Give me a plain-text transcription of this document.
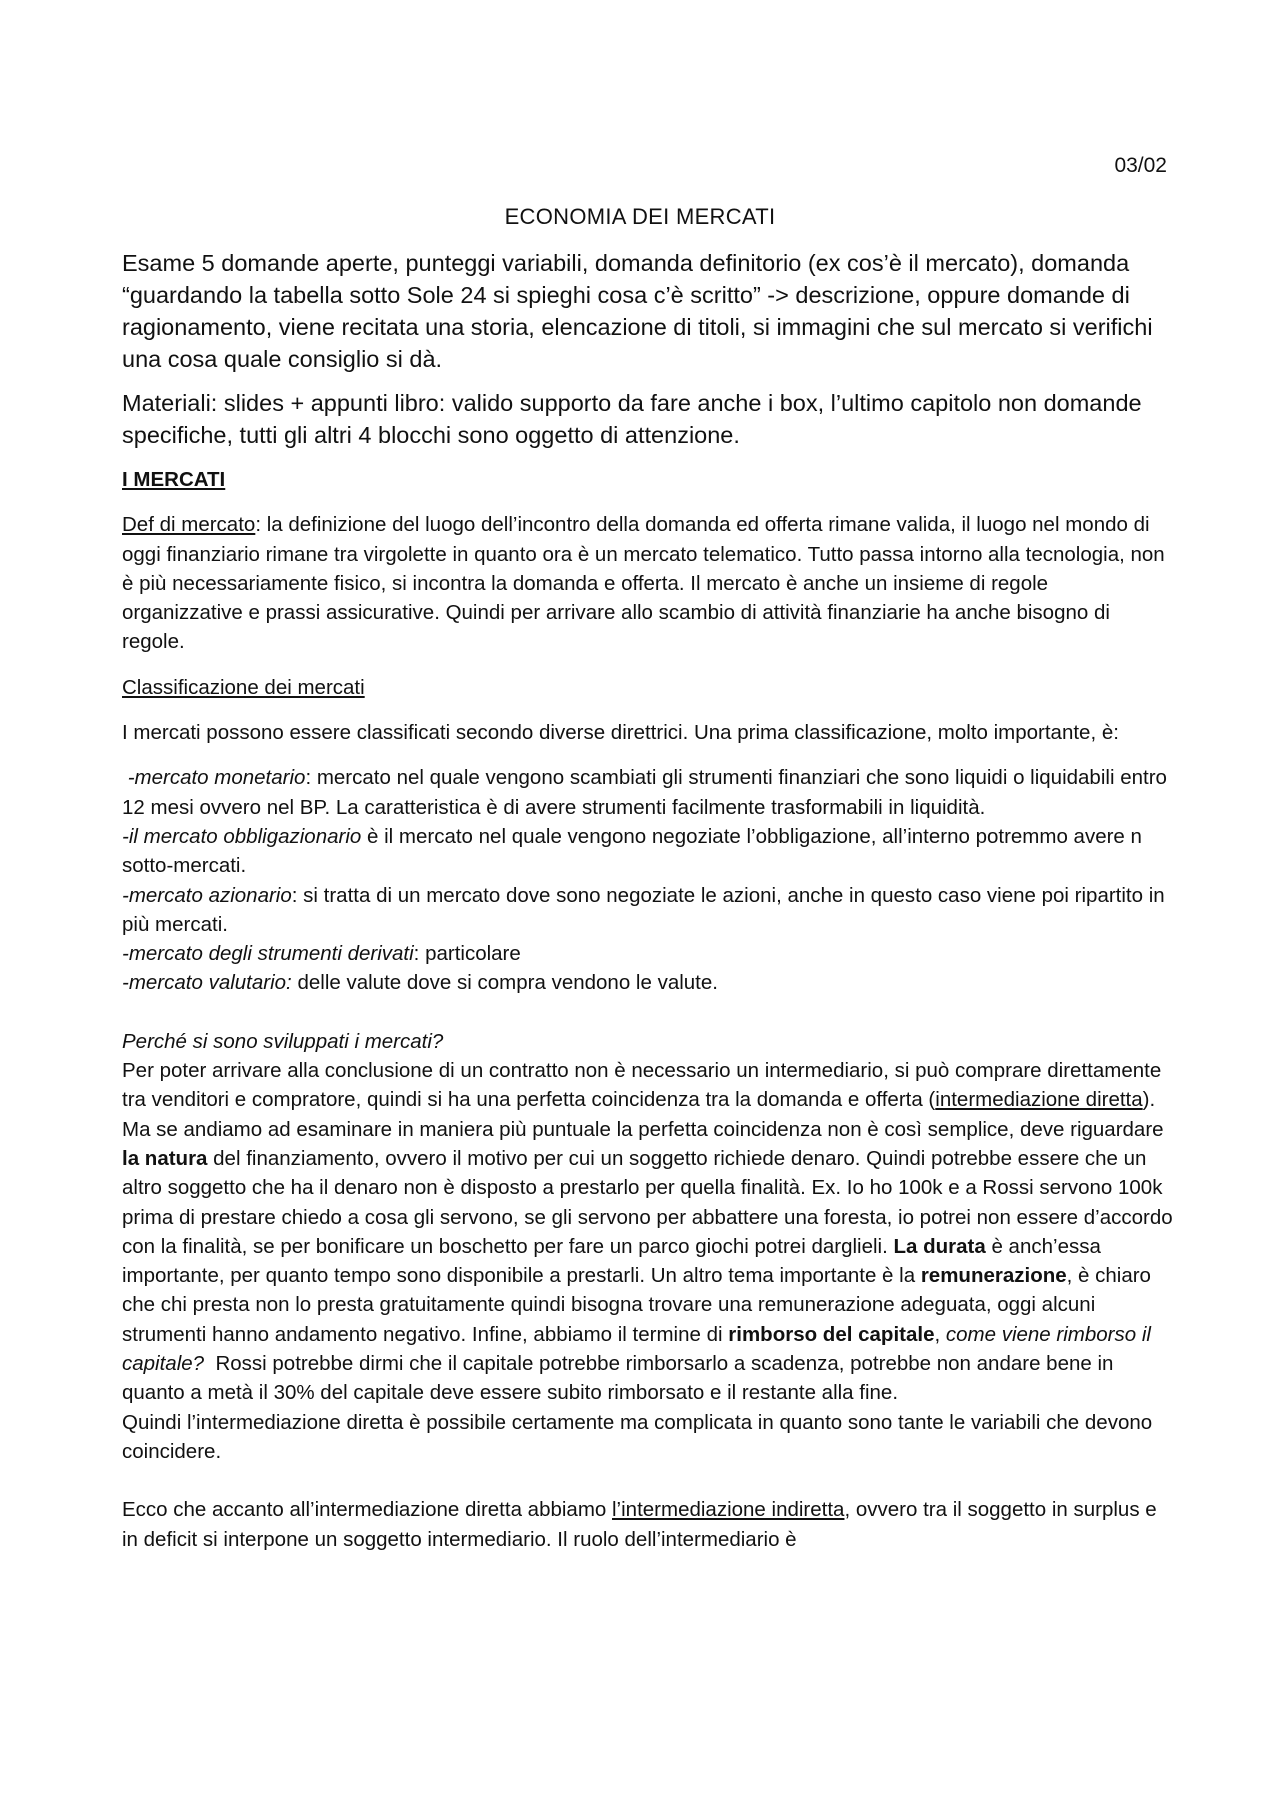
03/02
ECONOMIA DEI MERCATI

Esame 5 domande aperte, punteggi variabili, domanda definitorio (ex cos’è il mercato), domanda “guardando la tabella sotto Sole 24 si spieghi cosa c’è scritto” -> descrizione, oppure domande di ragionamento, viene recitata una storia, elencazione di titoli, si immagini che sul mercato si verifichi una cosa quale consiglio si dà.

Materiali: slides + appunti libro: valido supporto da fare anche i box, l’ultimo capitolo non domande specifiche, tutti gli altri 4 blocchi sono oggetto di attenzione.

I MERCATI

Def di mercato: la definizione del luogo dell’incontro della domanda ed offerta rimane valida, il luogo nel mondo di oggi finanziario rimane tra virgolette in quanto ora è un mercato telematico. Tutto passa intorno alla tecnologia, non è più necessariamente fisico, si incontra la domanda e offerta. Il mercato è anche un insieme di regole organizzative e prassi assicurative. Quindi per arrivare allo scambio di attività finanziarie ha anche bisogno di regole.

Classificazione dei mercati

I mercati possono essere classificati secondo diverse direttrici. Una prima classificazione, molto importante, è:

-mercato monetario: mercato nel quale vengono scambiati gli strumenti finanziari che sono liquidi o liquidabili entro 12 mesi ovvero nel BP. La caratteristica è di avere strumenti facilmente trasformabili in liquidità.

-il mercato obbligazionario è il mercato nel quale vengono negoziate l’obbligazione, all’interno potremmo avere n sotto-mercati.

-mercato azionario: si tratta di un mercato dove sono negoziate le azioni, anche in questo caso viene poi ripartito in più mercati.

-mercato degli strumenti derivati: particolare

-mercato valutario: delle valute dove si compra vendono le valute.

Perché si sono sviluppati i mercati?

Per poter arrivare alla conclusione di un contratto non è necessario un intermediario, si può comprare direttamente tra venditori e compratore, quindi si ha una perfetta coincidenza tra la domanda e offerta (intermediazione diretta). Ma se andiamo ad esaminare in maniera più puntuale la perfetta coincidenza non è così semplice, deve riguardare la natura del finanziamento, ovvero il motivo per cui un soggetto richiede denaro. Quindi potrebbe essere che un altro soggetto che ha il denaro non è disposto a prestarlo per quella finalità. Ex. Io ho 100k e a Rossi servono 100k prima di prestare chiedo a cosa gli servono, se gli servono per abbattere una foresta, io potrei non essere d’accordo con la finalità, se per bonificare un boschetto per fare un parco giochi potrei darglieli. La durata è anch’essa importante, per quanto tempo sono disponibile a prestarli. Un altro tema importante è la remunerazione, è chiaro che chi presta non lo presta gratuitamente quindi bisogna trovare una remunerazione adeguata, oggi alcuni strumenti hanno andamento negativo. Infine, abbiamo il termine di rimborso del capitale, come viene rimborso il capitale?  Rossi potrebbe dirmi che il capitale potrebbe rimborsarlo a scadenza, potrebbe non andare bene in quanto a metà il 30% del capitale deve essere subito rimborsato e il restante alla fine.

Quindi l’intermediazione diretta è possibile certamente ma complicata in quanto sono tante le variabili che devono coincidere.

Ecco che accanto all’intermediazione diretta abbiamo l’intermediazione indiretta, ovvero tra il soggetto in surplus e in deficit si interpone un soggetto intermediario. Il ruolo dell’intermediario è
